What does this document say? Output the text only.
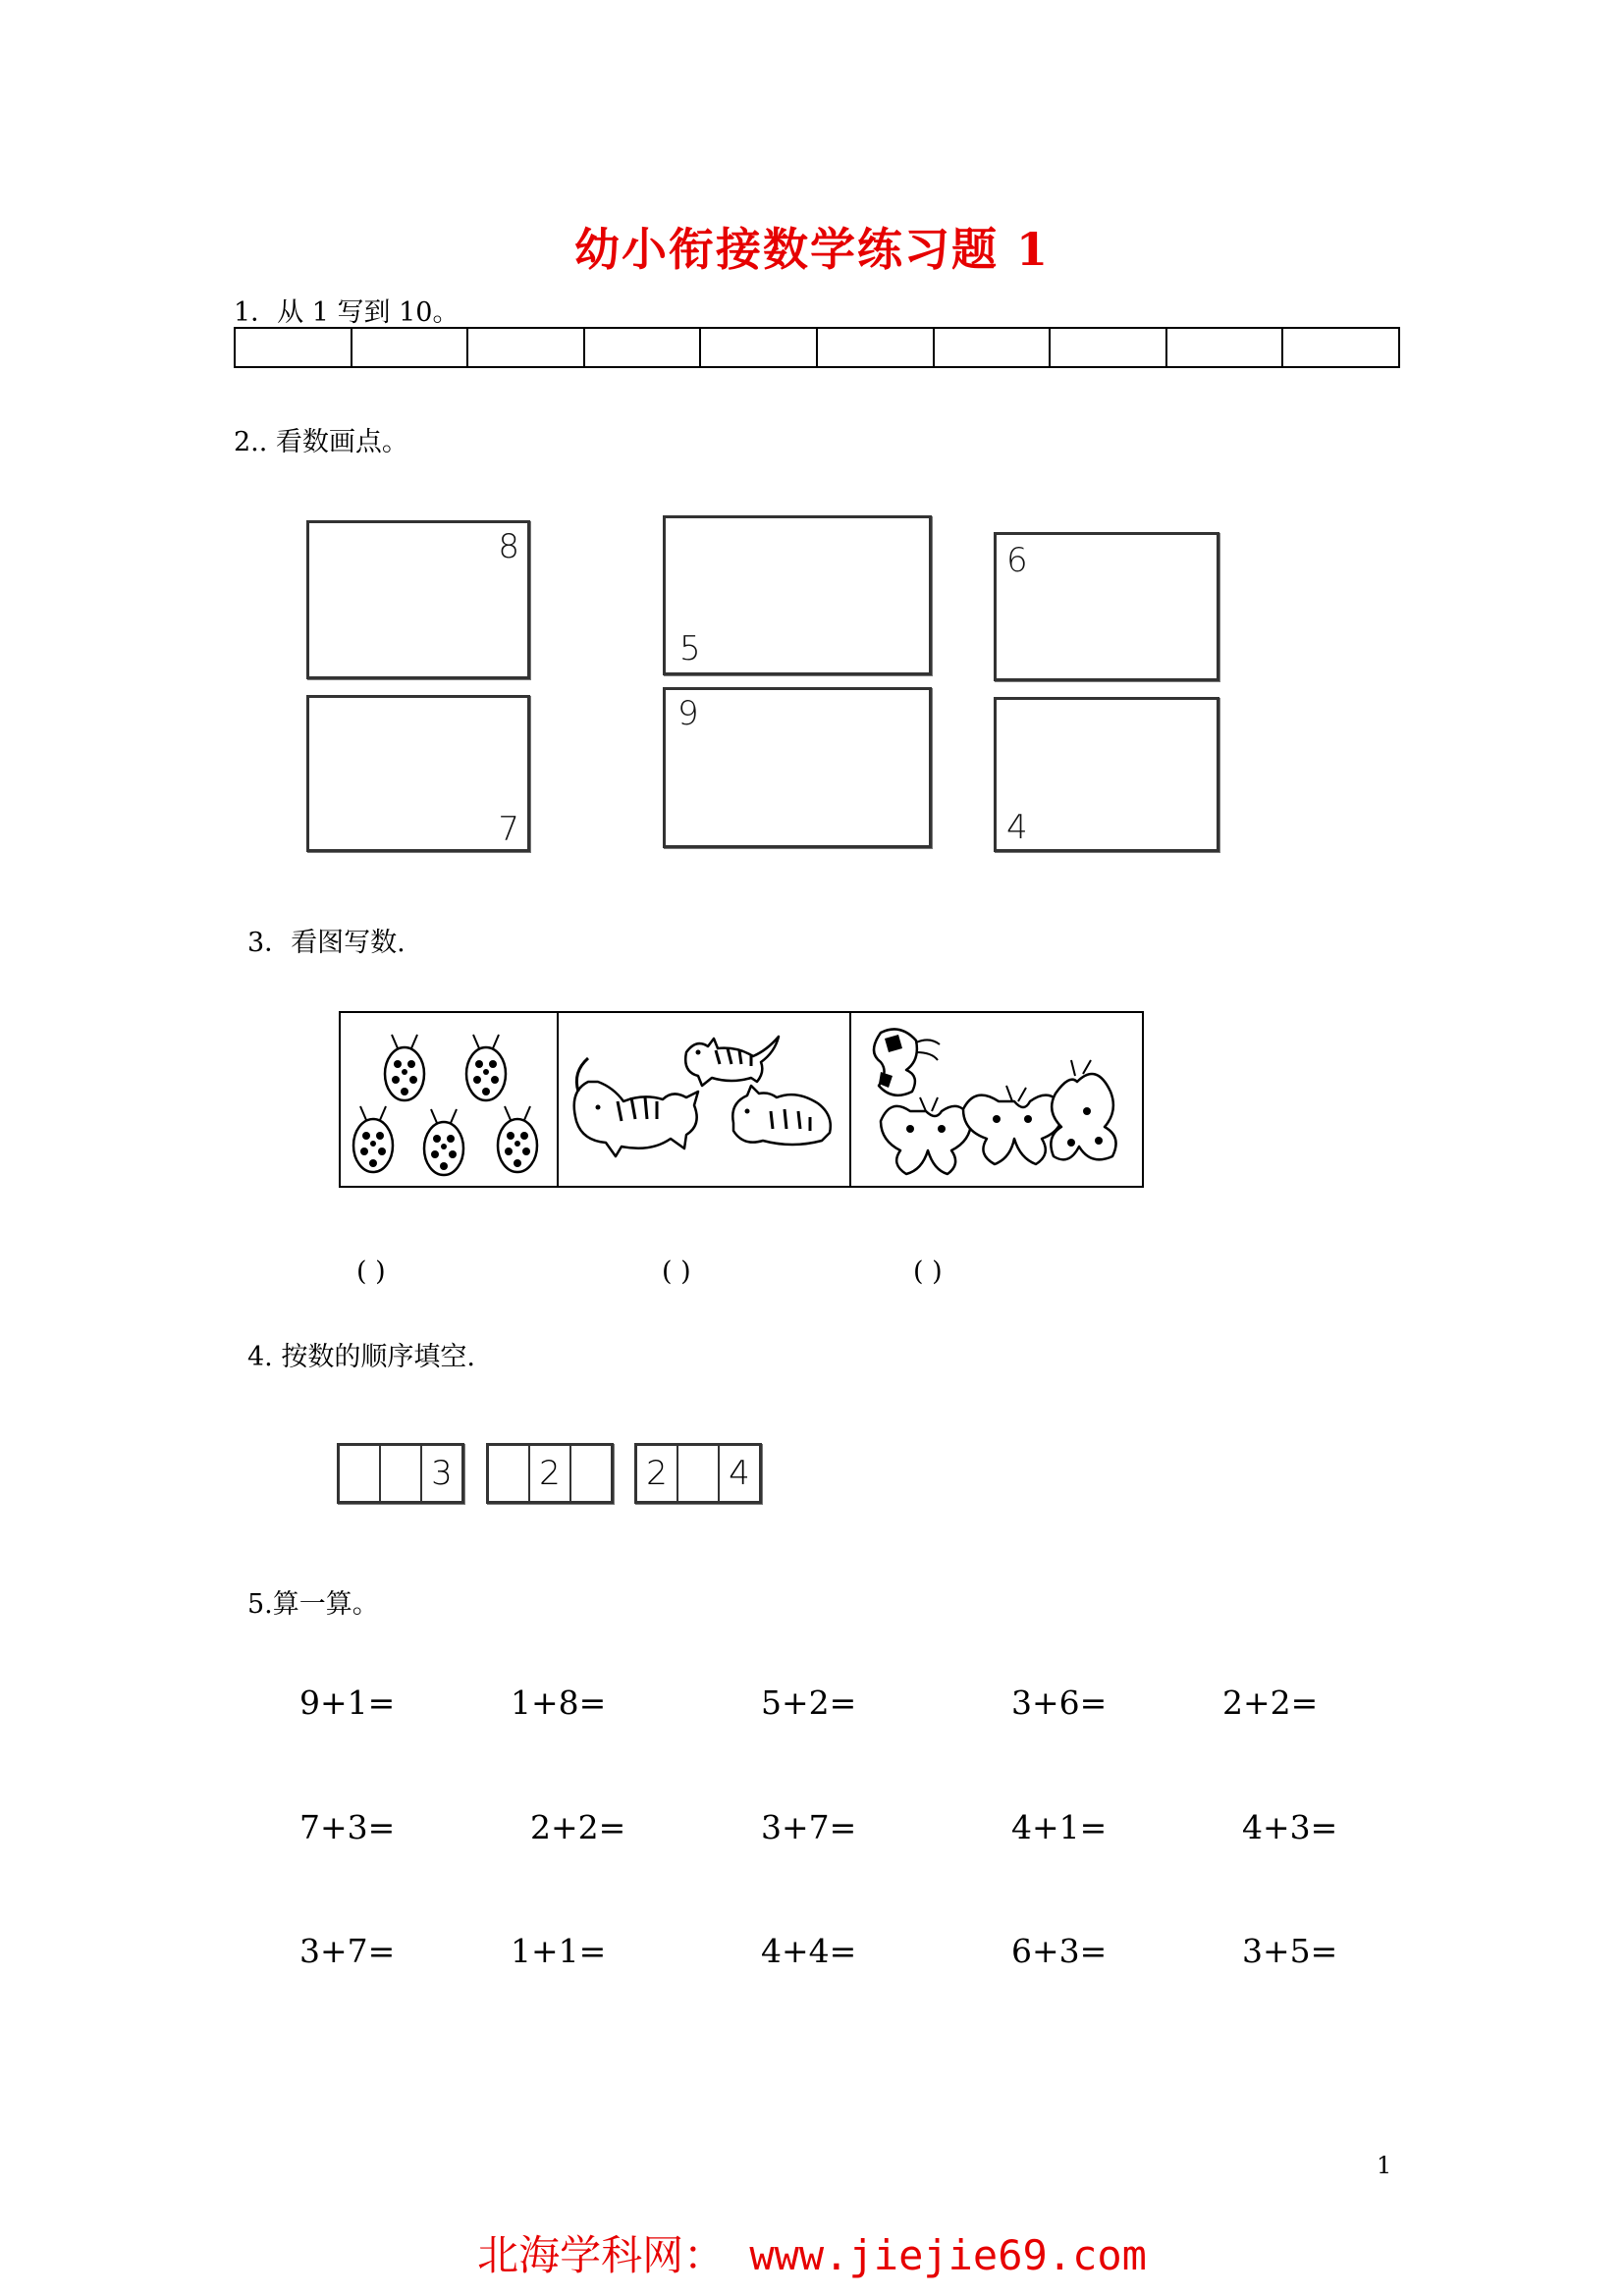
幼小衔接数学练习题 1
1．从 1 写到 10。
2.. 看数画点。
8
5
6
7
9
4
3．看图写数.
( )	( )	( )
4. 按数的顺序填空.
3	2	2	4
5.算一算。
9+1=	1+8=	5+2=	3+6=	2+2=
7+3=	2+2=	3+7=	4+1=	4+3=
3+7=	1+1=	4+4=	6+3=	3+5=
1
北海学科网： www.jiejie69.com
